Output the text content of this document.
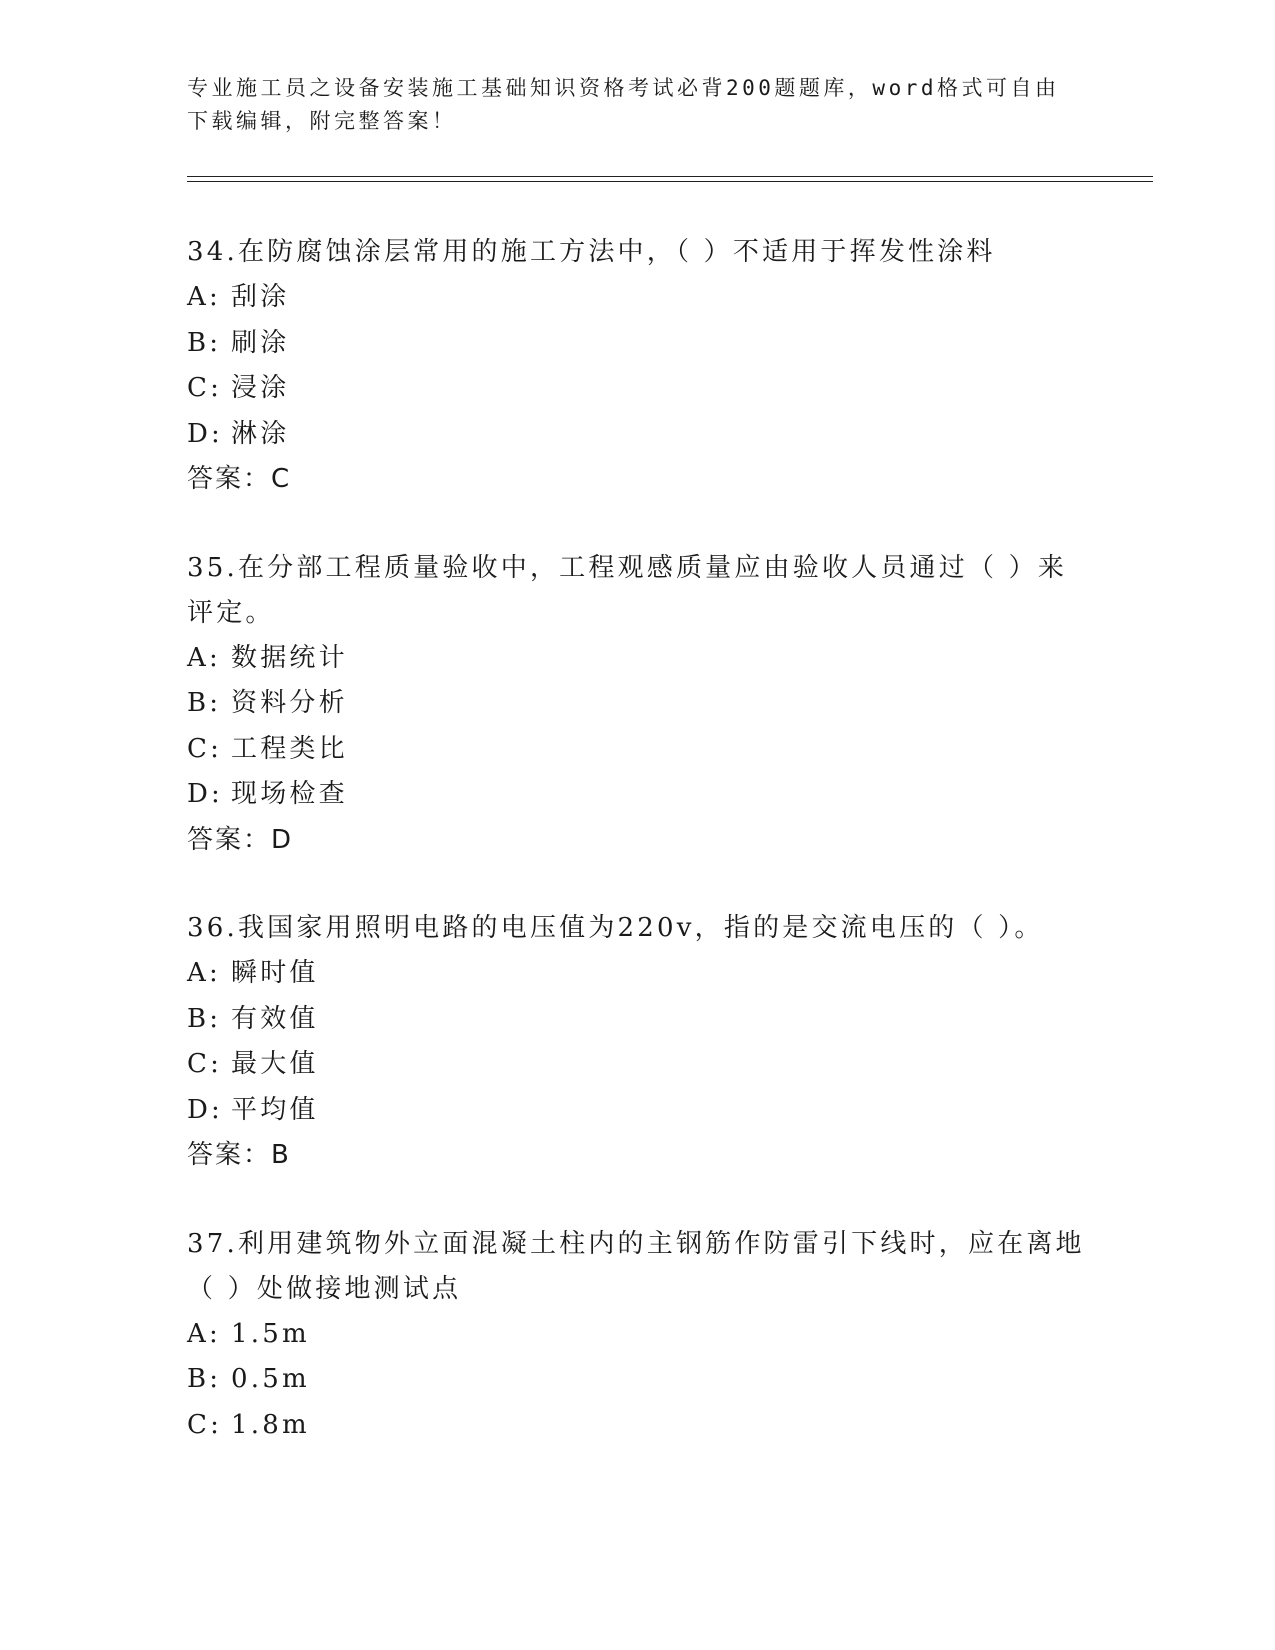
专业施工员之设备安装施工基础知识资格考试必背200题题库，word格式可自由
下载编辑，附完整答案！

34.在防腐蚀涂层常用的施工方法中，（ ）不适用于挥发性涂料

A: 刮涂

B: 刷涂

C: 浸涂

D: 淋涂

答案：C

35.在分部工程质量验收中，工程观感质量应由验收人员通过（ ）来

评定。

A: 数据统计

B: 资料分析

C: 工程类比

D: 现场检查

答案：D

36.我国家用照明电路的电压值为220v，指的是交流电压的（ ）。

A: 瞬时值

B: 有效值

C: 最大值

D: 平均值

答案：B

37.利用建筑物外立面混凝土柱内的主钢筋作防雷引下线时，应在离地

（ ）处做接地测试点

A: 1.5m

B: 0.5m

C: 1.8m
